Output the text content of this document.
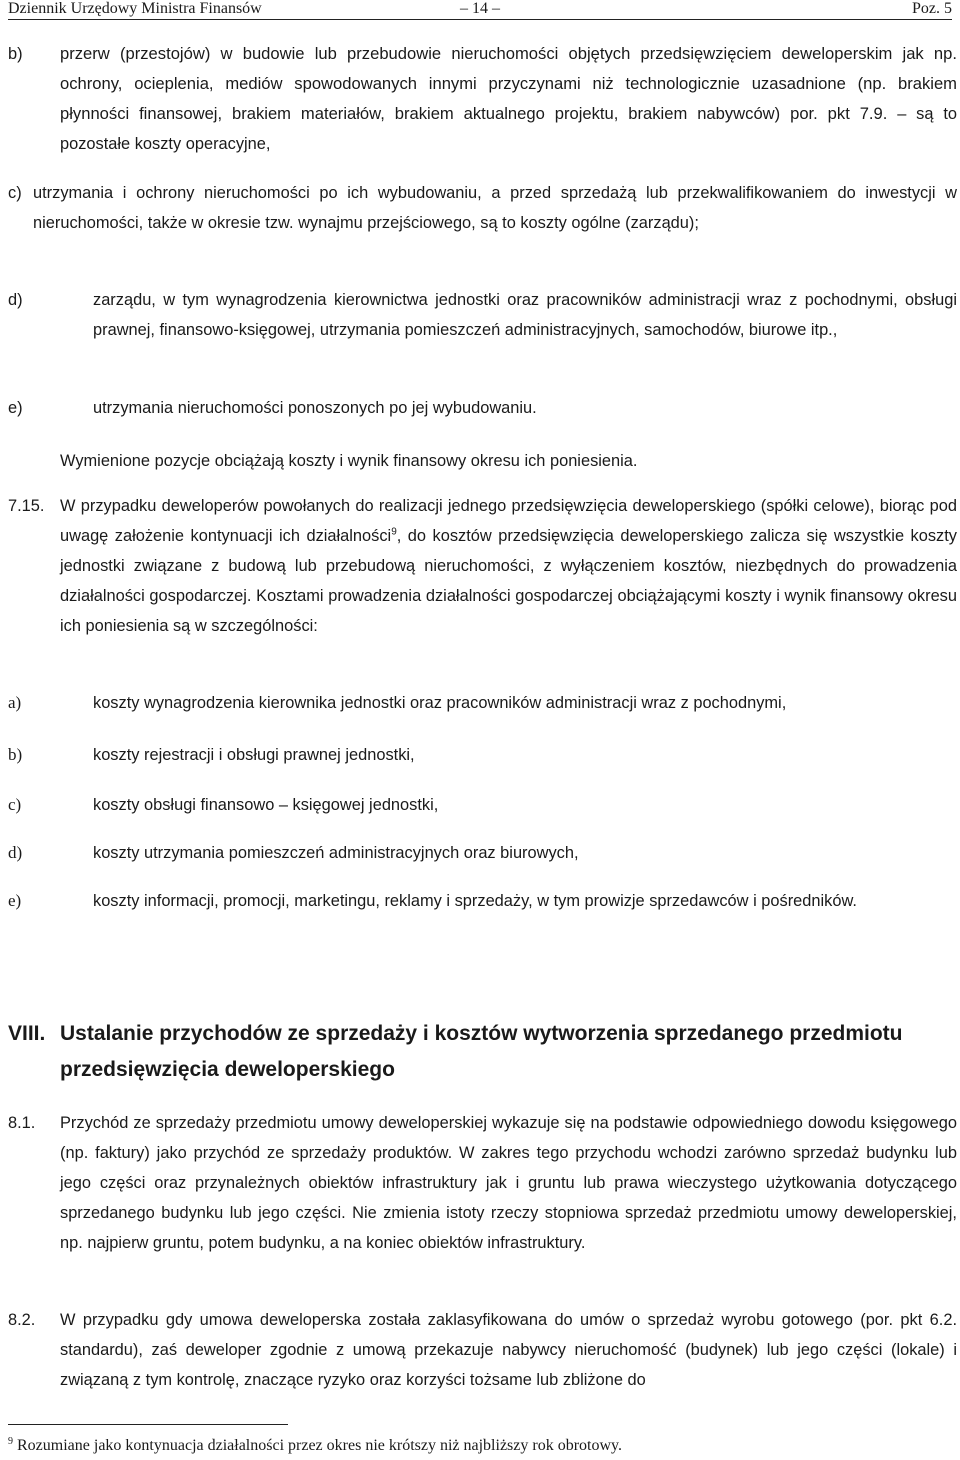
Dziennik Urzędowy Ministra Finansów	– 14 –	Poz. 5
b) przerw (przestojów) w budowie lub przebudowie nieruchomości objętych przedsięwzięciem deweloperskim jak np. ochrony, ocieplenia, mediów spowodowanych innymi przyczynami niż technologicznie uzasadnione (np. brakiem płynności finansowej, brakiem materiałów, brakiem aktualnego projektu, brakiem nabywców) por. pkt 7.9. – są to pozostałe koszty operacyjne,
c) utrzymania i ochrony nieruchomości po ich wybudowaniu, a przed sprzedażą lub przekwalifikowaniem do inwestycji w nieruchomości, także w okresie tzw. wynajmu przejściowego, są to koszty ogólne (zarządu);
d)	zarządu, w tym wynagrodzenia kierownictwa jednostki oraz pracowników administracji wraz z pochodnymi, obsługi prawnej, finansowo-księgowej, utrzymania pomieszczeń administracyjnych, samochodów, biurowe itp.,
e)	utrzymania nieruchomości ponoszonych po jej wybudowaniu.
Wymienione pozycje obciążają koszty i wynik finansowy okresu ich poniesienia.
7.15. W przypadku deweloperów powołanych do realizacji jednego przedsięwzięcia deweloperskiego (spółki celowe), biorąc pod uwagę założenie kontynuacji ich działalności$^9$, do kosztów przedsięwzięcia deweloperskiego zalicza się wszystkie koszty jednostki związane z budową lub przebudową nieruchomości, z wyłączeniem kosztów, niezbędnych do prowadzenia działalności gospodarczej. Kosztami prowadzenia działalności gospodarczej obciążającymi koszty i wynik finansowy okresu ich poniesienia są w szczególności:
a)	koszty wynagrodzenia kierownika jednostki oraz pracowników administracji wraz z pochodnymi,
b)	koszty rejestracji i obsługi prawnej jednostki,
c)	koszty obsługi finansowo – księgowej jednostki,
d)	koszty utrzymania pomieszczeń administracyjnych oraz biurowych,
e)	koszty informacji, promocji, marketingu, reklamy i sprzedaży, w tym prowizje sprzedawców i pośredników.
VIII. Ustalanie przychodów ze sprzedaży i kosztów wytworzenia sprzedanego przedmiotu przedsięwzięcia deweloperskiego
8.1. Przychód ze sprzedaży przedmiotu umowy deweloperskiej wykazuje się na podstawie odpowiedniego dowodu księgowego (np. faktury) jako przychód ze sprzedaży produktów. W zakres tego przychodu wchodzi zarówno sprzedaż budynku lub jego części oraz przynależnych obiektów infrastruktury jak i gruntu lub prawa wieczystego użytkowania dotyczącego sprzedanego budynku lub jego części. Nie zmienia istoty rzeczy stopniowa sprzedaż przedmiotu umowy deweloperskiej, np. najpierw gruntu, potem budynku, a na koniec obiektów infrastruktury.
8.2. W przypadku gdy umowa deweloperska została zaklasyfikowana do umów o sprzedaż wyrobu gotowego (por. pkt 6.2. standardu), zaś deweloper zgodnie z umową przekazuje nabywcy nieruchomość (budynek) lub jego części (lokale) i związaną z tym kontrolę, znaczące ryzyko oraz korzyści tożsame lub zbliżone do
$^9$ Rozumiane jako kontynuacja działalności przez okres nie krótszy niż najbliższy rok obrotowy.
